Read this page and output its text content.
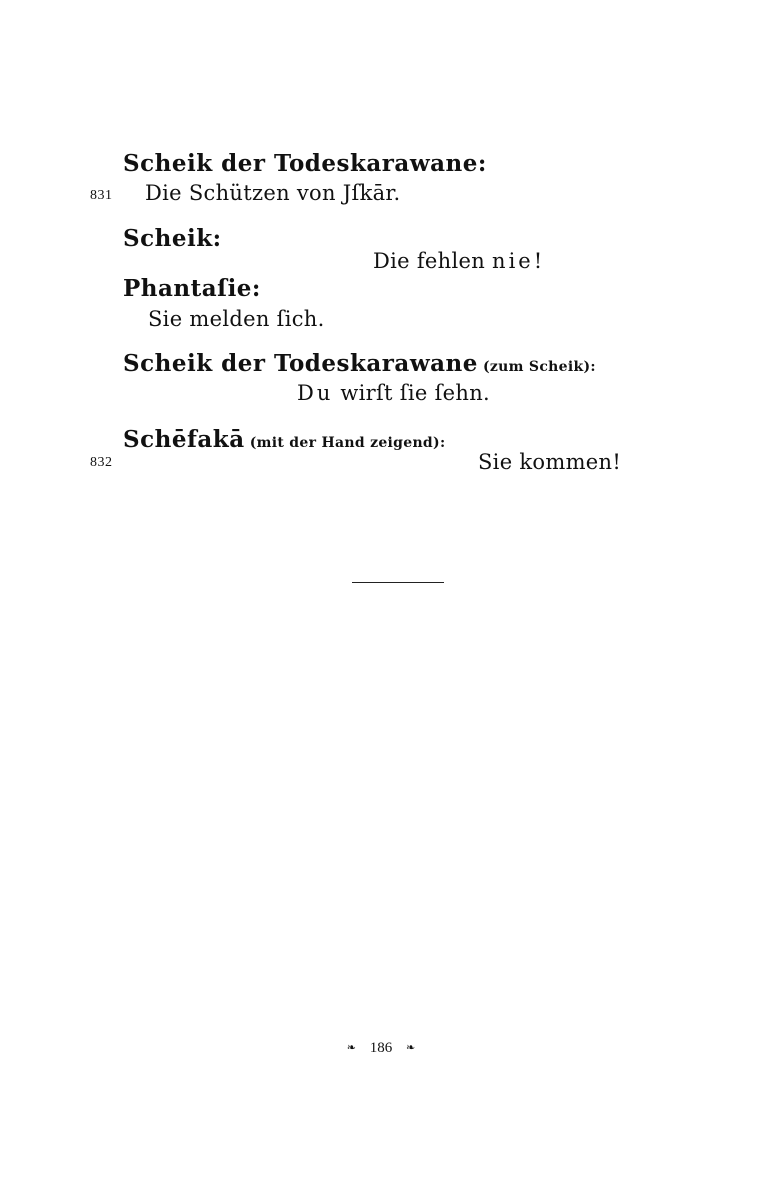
Scheik der Todeskarawane:
831 Die Schützen von Jſkār.
Scheik:
Die fehlen nie!
Phantaſie:
Sie melden ſich.
Scheik der Todeskarawane (zum Scheik):
Du wirſt ſie ſehn.
Schēfakā (mit der Hand zeigend):
832	Sie kommen!
❧ 186 ❧
